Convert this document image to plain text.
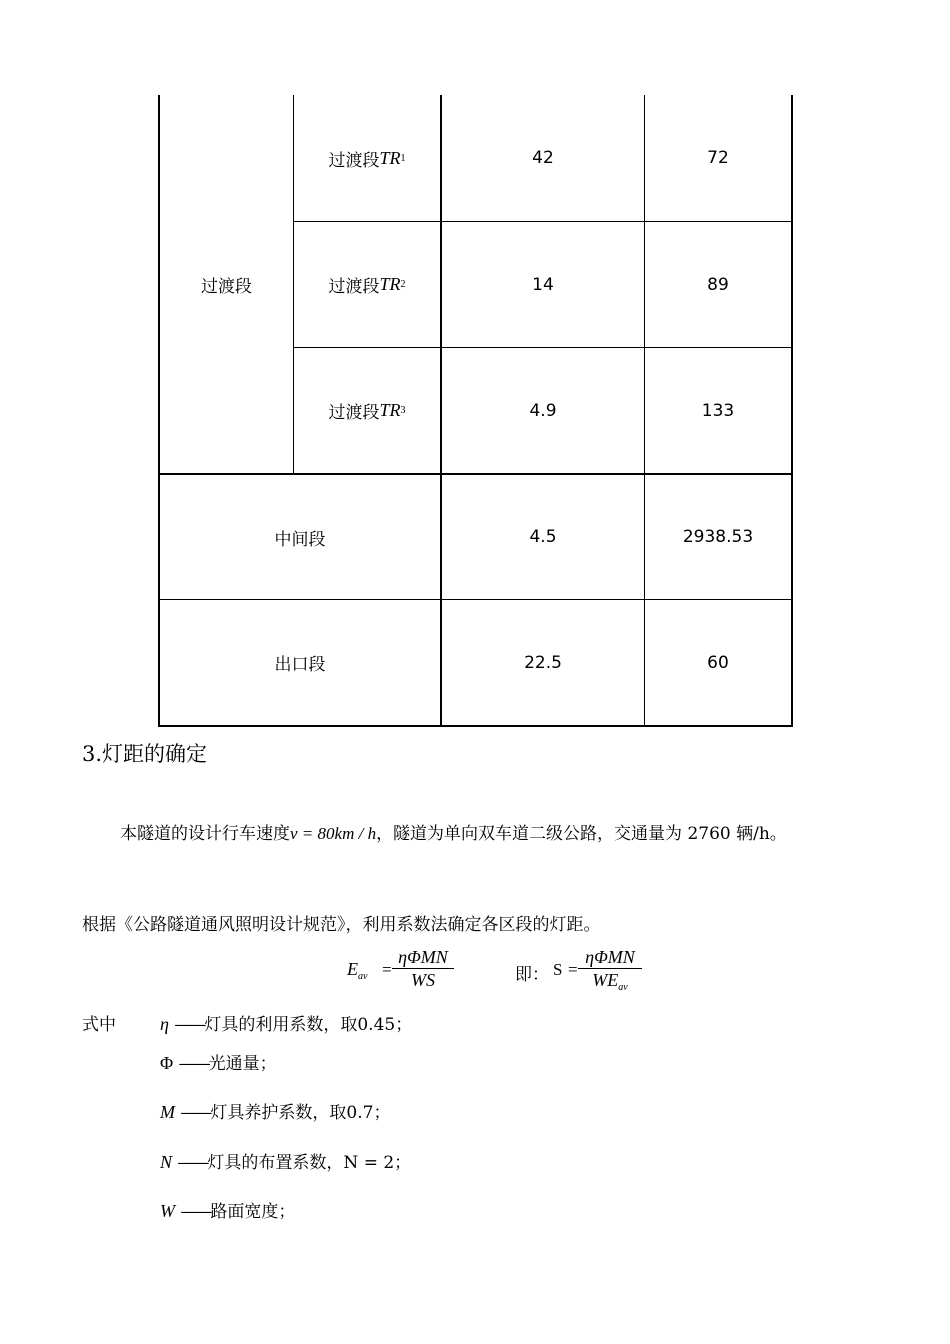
过渡段
过渡段 TR 1	42	72
过渡段 TR 2	14	89
过渡段 TR 3	4.9	133
中间段	4.5	2938.53
出口段	22.5	60
3.灯距的确定
本隧道的设计行车速度v = 80km / h，隧道为单向双车道二级公路，交通量为 2760 辆/h。
根据《公路隧道通风照明设计规范》，利用系数法确定各区段的灯距。
$E_{av}$ =
ηΦMN
WS	即： S =
ηΦMN
$WE_{av}$
式中 η ——灯具的利用系数，取0.45；
Φ ——光通量；
M ——灯具养护系数，取0.7；
N ——灯具的布置系数，N = 2；
W ——路面宽度；
